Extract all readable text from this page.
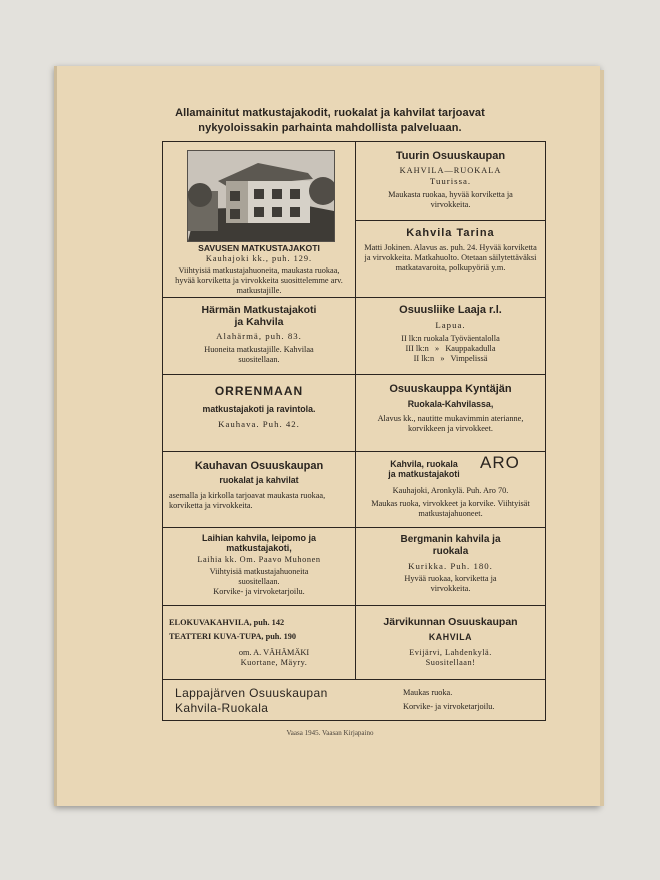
Allamainitut matkustajakodit, ruokalat ja kahvilat tarjoavat
nykyoloissakin parhainta mahdollista palveluaan.
SAVUSEN MATKUSTAJAKOTI
Kauhajoki kk., puh. 129.
Viihtyisiä matkustajahuoneita, maukasta ruokaa, hyvää korviketta ja virvokkeita suosittelemme arv. matkustajille.
Tuurin Osuuskaupan
KAHVILA—RUOKALA
Tuurissa.
Maukasta ruokaa, hyvää korviketta ja virvokkeita.
Kahvila Tarina
Matti Jokinen. Alavus as. puh. 24. Hyvää korviketta ja virvokkeita. Matkahuolto. Otetaan säilytettäväksi matkatavaroita, polkupyöriä y.m.
Härmän Matkustajakoti
ja Kahvila
Alahärmä, puh. 83.
Huoneita matkustajille. Kahvilaa suositellaan.
Osuusliike Laaja r.l.
Lapua.
II lk:n ruokala Työväentalolla
III lk:n   »   Kauppakadulla
II lk:n   »   Vimpelissä
ORRENMAAN
matkustajakoti ja ravintola.
Kauhava. Puh. 42.
Osuuskauppa Kyntäjän
Ruokala-Kahvilassa,
Alavus kk., nautitte mukavimmin aterianne, korvikkeen ja virvokkeet.
Kauhavan Osuuskaupan
ruokalat ja kahvilat
asemalla ja kirkolla tarjoavat maukasta ruokaa, korviketta ja virvokkeita.
Kahvila, ruokala
ja matkustajakoti
ARO
Kauhajoki, Aronkylä. Puh. Aro 70.
Maukas ruoka, virvokkeet ja korvike. Viihtyisät matkustajahuoneet.
Laihian kahvila, leipomo ja
matkustajakoti,
Laihia kk. Om. Paavo Muhonen
Viihtyisiä matkustajahuoneita suositellaan.
Korvike- ja virvoketarjoilu.
Bergmanin kahvila ja
ruokala
Kurikka. Puh. 180.
Hyvää ruokaa, korviketta ja virvokkeita.
ELOKUVAKAHVILA, puh. 142
TEATTERI KUVA-TUPA, puh. 190
om. A. VÄHÄMÄKI
Kuortane, Mäyry.
Järvikunnan Osuuskaupan
KAHVILA
Evijärvi, Lahdenkylä.
Suositellaan!
Lappajärven Osuuskaupan
Kahvila-Ruokala
Maukas ruoka.
Korvike- ja virvoketarjoilu.
Vaasa 1945. Vaasan Kirjapaino
